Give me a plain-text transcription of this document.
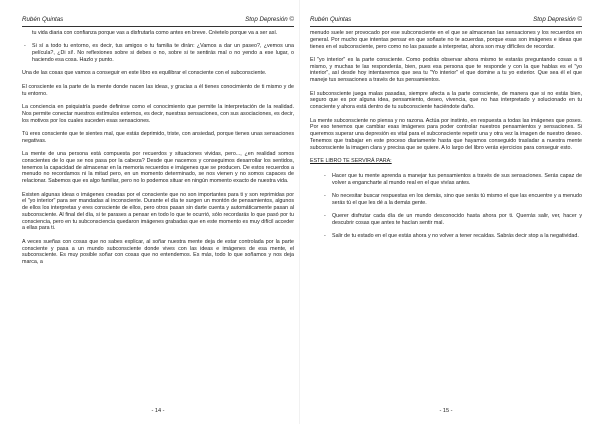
Rubén Quintas	Stop Depresión ©

tu vida diaria con confianza porque vas a disfrutarla como antes en breve. Créetelo porque va a ser así.

- Si sí a todo tu entorno, es decir, tus amigos o tu familia te dirán: ¿Vamos a dar un paseo?, ¿vemos una película?, ¿Di sí!. No reflexiones sobre si debes o no, sobre si te sentirás mal o no yendo a ese lugar, o haciendo esa cosa. Hazlo y punto.

Una de las cosas que vamos a conseguir en este libro es equilibrar el consciente con el subconsciente.

El consciente es la parte de la mente donde nacen las ideas, y gracias a él tienes conocimiento de ti mismo y de tu entorno.

La conciencia en psiquiatría puede definirse como el conocimiento que permite la interpretación de la realidad. Nos permite conectar nuestros estímulos externos, es decir, nuestras sensaciones, con sus asociaciones, es decir, los motivos por los cuales suceden esas sensaciones.

Tú eres consciente que te sientes mal, que estás deprimido, triste, con ansiedad, porque tienes unas sensaciones negativas.

La mente de una persona está compuesta por recuerdos y situaciones vividas, pero..., ¿en realidad somos conscientes de lo que se nos pasa por la cabeza? Desde que nacemos y conseguimos desarrollar los sentidos, tenemos la capacidad de almacenar en la memoria recuerdos e imágenes que se producen. De estos recuerdos a menudo no recordamos ni la mitad pero, en un momento determinado, se nos vienen y no somos capaces de relacionar. Sabemos que es algo familiar, pero no lo podemos situar en ningún momento exacto de nuestra vida.

Existen algunas ideas o imágenes creadas por el consciente que no son importantes para ti y son reprimidas por el "yo interior" para ser mandadas al inconsciente. Durante el día te surgen un montón de pensamientos, algunos de ellos los interpretas y eres consciente de ellos, pero otros pasan sin darte cuenta y automáticamente pasan al subconsciente. Al final del día, si te parases a pensar en todo lo que te ocurrió, sólo recordarás lo que pasó por tu consciencia, pero en tu subconsciencia quedaron imágenes grabadas que en este momento es muy difícil acceder a ellas para ti.

A veces sueñas con cosas que no sabes explicar, al soñar nuestra mente deja de estar controlada por la parte consciente y pasa a un mundo subconsciente donde vives con las ideas e imágenes de esa mente, el subconsciente. Es muy posible soñar con cosas que no entendemos. Es más, todo lo que soñamos y nos deja marca, a

- 14 -
Rubén Quintas	Stop Depresión ©

menudo suele ser provocado por ese subconsciente en el que se almacenan las sensaciones y los recuerdos en general. Por mucho que intentas pensar en que soñaste no te acuerdas, porque esas son imágenes e ideas que tienes en el subconsciente, pero como no las pasaste a interpretar, ahora son muy difíciles de recordar.

El "yo interior" es la parte consciente. Como podrás observar ahora mismo te estarás preguntando cosas a ti mismo, y muchas te las responderás, bien, pues esa persona que te responde y con la que hablas es el "yo interior", así desde hoy intentaremos que sea tu "Yo interior" el que domine a tu yo exterior. Que sea él el que maneje tus sensaciones a través de tus pensamientos.

El subconsciente juega malas pasadas, siempre afecta a la parte consciente, de manera que si no estás bien, seguro que es por alguna idea, pensamiento, deseo, vivencia, que no has interpretado y solucionado en tu consciente y ahora está dentro de tu subconsciente haciéndote daño.

La mente subconsciente no piensa y no razona. Actúa por instinto, en respuesta a todas las imágenes que poses. Por eso tenemos que cambiar esas imágenes para poder controlar nuestros pensamientos y sensaciones. Si queremos superar una depresión es vital para el subconsciente repetir una y otra vez la imagen de nuestro deseo. Tenemos que trabajar en este proceso diariamente hasta que hayamos conseguido trasladar a nuestra mente subconsciente la imagen clara y precisa que se quiere. A lo largo del libro verás ejercicios para conseguir esto.

ESTE LIBRO TE SERVIRÁ PARA:
- Hacer que tu mente aprenda a manejar tus pensamientos a través de sus sensaciones. Serás capaz de volver a engancharte al mundo real en el que vivías antes.
- No necesitar buscar respuestas en los demás, sino que serás tú mismo el que las encuentre y a menudo serás tú el que les dé a la demás gente.
- Querer disfrutar cada día de un mundo desconocido hasta ahora por ti. Querrás salir, ver, hacer y descubrir cosas que antes te hacían sentir mal.
- Salir de tu estado en el que estás ahora y no volver a tener recaídas. Sabrás decir stop a la negatividad.
- 15 -
